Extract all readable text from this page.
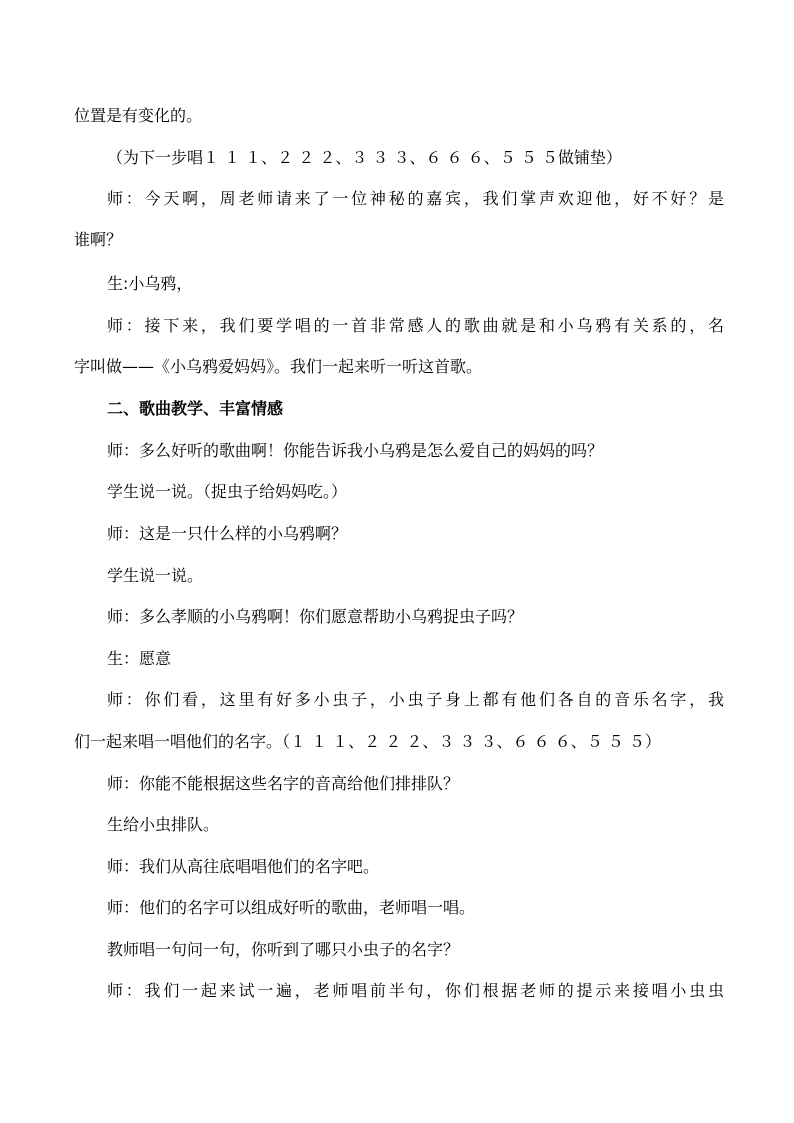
位置是有变化的。

（为下一步唱１ １ １、２ ２ ２、３ ３ ３、６ ６ ６、５ ５ ５做铺垫）

师：今天啊，周老师请来了一位神秘的嘉宾，我们掌声欢迎他，好不好？是

谁啊？

生:小乌鸦，

师：接下来，我们要学唱的一首非常感人的歌曲就是和小乌鸦有关系的，名

字叫做——《小乌鸦爱妈妈》。我们一起来听一听这首歌。

二、歌曲教学、丰富情感

师：多么好听的歌曲啊！你能告诉我小乌鸦是怎么爱自己的妈妈的吗？

学生说一说。（捉虫子给妈妈吃。）

师：这是一只什么样的小乌鸦啊？

学生说一说。

师：多么孝顺的小乌鸦啊！你们愿意帮助小乌鸦捉虫子吗？

生：愿意

师：你们看，这里有好多小虫子，小虫子身上都有他们各自的音乐名字，我

们一起来唱一唱他们的名字。（１ １ １、２ ２ ２、３ ３ ３、６ ６ ６、５ ５ ５）

师：你能不能根据这些名字的音高给他们排排队？

生给小虫排队。

师：我们从高往底唱唱他们的名字吧。

师：他们的名字可以组成好听的歌曲，老师唱一唱。

教师唱一句问一句，你听到了哪只小虫子的名字？

师：我们一起来试一遍，老师唱前半句，你们根据老师的提示来接唱小虫虫
